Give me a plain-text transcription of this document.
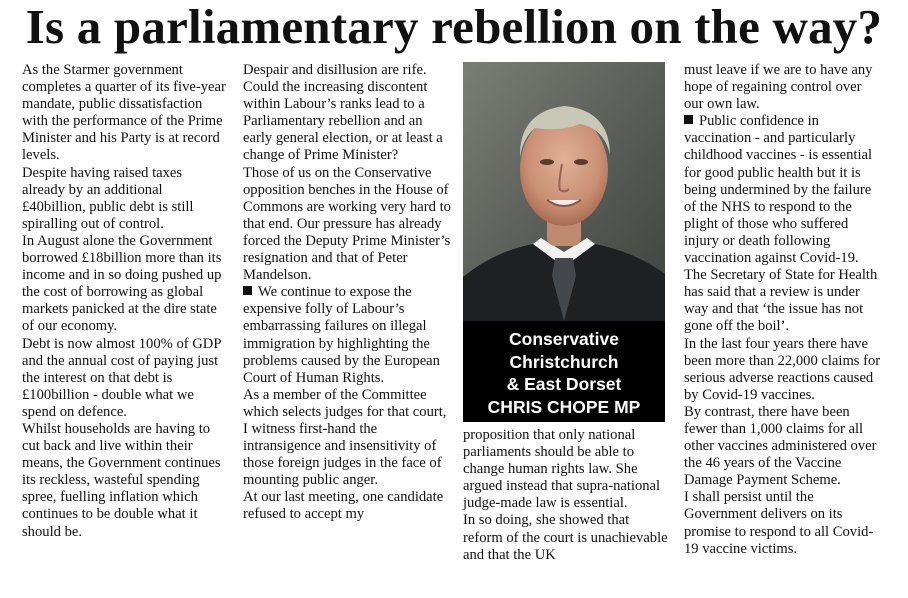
Is a parliamentary rebellion on the way?

As the Starmer government completes a quarter of its five-year mandate, public dissatisfaction with the performance of the Prime Minister and his Party is at record levels.

Despite having raised taxes already by an additional £40billion, public debt is still spiralling out of control.

In August alone the Government borrowed £18billion more than its income and in so doing pushed up the cost of borrowing as global markets panicked at the dire state of our economy.

Debt is now almost 100% of GDP and the annual cost of paying just the interest on that debt is £100billion - double what we spend on defence.

Whilst households are having to cut back and live within their means, the Government continues its reckless, wasteful spending spree, fuelling inflation which continues to be double what it should be.

Despair and disillusion are rife. Could the increasing discontent within Labour’s ranks lead to a Parliamentary rebellion and an early general election, or at least a change of Prime Minister?

Those of us on the Conservative opposition benches in the House of Commons are working very hard to that end. Our pressure has already forced the Deputy Prime Minister’s resignation and that of Peter Mandelson.

We continue to expose the expensive folly of Labour’s embarrassing failures on illegal immigration by highlighting the problems caused by the European Court of Human Rights.

As a member of the Committee which selects judges for that court, I witness first-hand the intransigence and insensitivity of those foreign judges in the face of mounting public anger.

At our last meeting, one candidate refused to accept my

Conservative
Christchurch
& East Dorset
CHRIS CHOPE MP

proposition that only national parliaments should be able to change human rights law. She argued instead that supra-national judge-made law is essential.

In so doing, she showed that reform of the court is unachievable and that the UK

must leave if we are to have any hope of regaining control over our own law.

Public confidence in vaccination - and particularly childhood vaccines - is essential for good public health but it is being undermined by the failure of the NHS to respond to the plight of those who suffered injury or death following vaccination against Covid-19.

The Secretary of State for Health has said that a review is under way and that ‘the issue has not gone off the boil’.

In the last four years there have been more than 22,000 claims for serious adverse reactions caused by Covid-19 vaccines.

By contrast, there have been fewer than 1,000 claims for all other vaccines administered over the 46 years of the Vaccine Damage Payment Scheme.

I shall persist until the Government delivers on its promise to respond to all Covid-19 vaccine victims.
